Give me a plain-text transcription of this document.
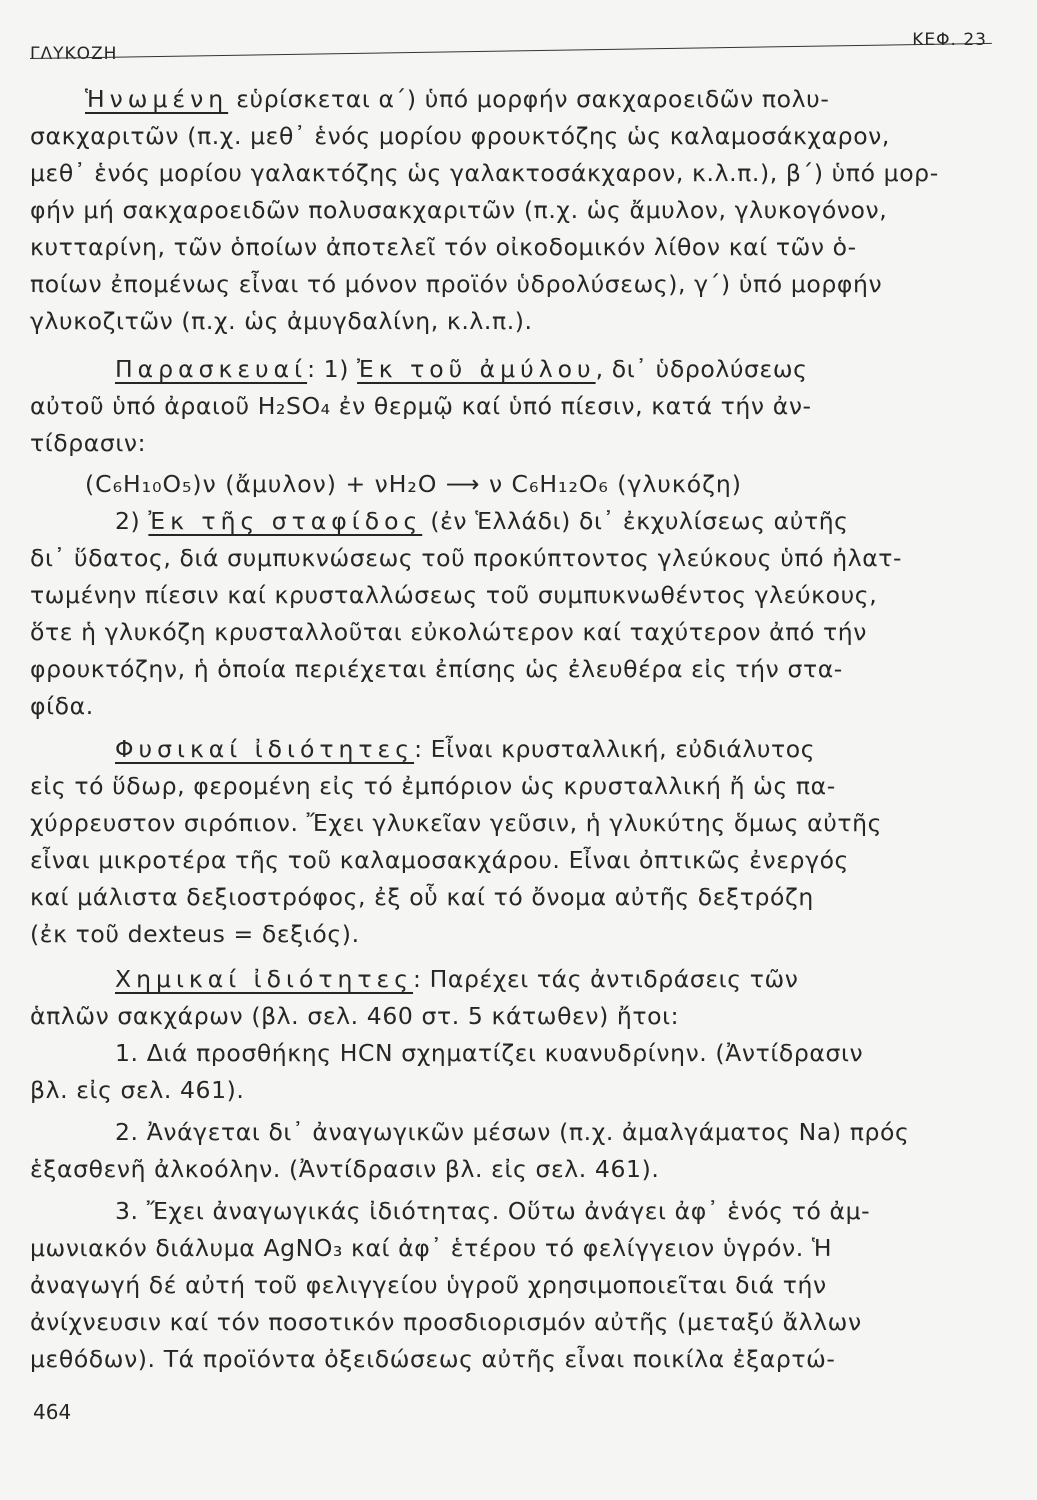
ΓΛΥΚΟΖΗ
ΚΕΦ. 23
Ἡνωμένη εὑρίσκεται α΄) ὑπό μορφήν σακχαροειδῶν πολυ-
σακχαριτῶν (π.χ. μεθ᾽ ἑνός μορίου φρουκτόζης ὡς καλαμοσάκχαρον,
μεθ᾽ ἑνός μορίου γαλακτόζης ὡς γαλακτοσάκχαρον, κ.λ.π.), β΄) ὑπό μορ-
φήν μή σακχαροειδῶν πολυσακχαριτῶν (π.χ. ὡς ἄμυλον, γλυκογόνον,
κυτταρίνη, τῶν ὁποίων ἀποτελεῖ τόν οἰκοδομικόν λίθον καί τῶν ὁ-
ποίων ἐπομένως εἶναι τό μόνον προϊόν ὑδρολύσεως), γ΄) ὑπό μορφήν
γλυκοζιτῶν (π.χ. ὡς ἀμυγδαλίνη, κ.λ.π.).
Παρασκευαί: 1) Ἐκ τοῦ ἀμύλου, δι᾽ ὑδρολύσεως
αὐτοῦ ὑπό ἀραιοῦ H₂SO₄ ἐν θερμῷ καί ὑπό πίεσιν, κατά τήν ἀν-
τίδρασιν:
(C₆H₁₀O₅)ν (ἄμυλον) + νH₂O ⟶ ν C₆H₁₂O₆ (γλυκόζη)
2) Ἐκ τῆς σταφίδος (ἐν Ἑλλάδι) δι᾽ ἐκχυλίσεως αὐτῆς
δι᾽ ὕδατος, διά συμπυκνώσεως τοῦ προκύπτοντος γλεύκους ὑπό ἠλατ-
τωμένην πίεσιν καί κρυσταλλώσεως τοῦ συμπυκνωθέντος γλεύκους,
ὅτε ἡ γλυκόζη κρυσταλλοῦται εὐκολώτερον καί ταχύτερον ἀπό τήν
φρουκτόζην, ἡ ὁποία περιέχεται ἐπίσης ὡς ἐλευθέρα εἰς τήν στα-
φίδα.
Φυσικαί ἰδιότητες: Εἶναι κρυσταλλική, εὐδιάλυτος
εἰς τό ὕδωρ, φερομένη εἰς τό ἐμπόριον ὡς κρυσταλλική ἤ ὡς πα-
χύρρευστον σιρόπιον. Ἔχει γλυκεῖαν γεῦσιν, ἡ γλυκύτης ὅμως αὐτῆς
εἶναι μικροτέρα τῆς τοῦ καλαμοσακχάρου. Εἶναι ὀπτικῶς ἐνεργός
καί μάλιστα δεξιοστρόφος, ἐξ οὗ καί τό ὄνομα αὐτῆς δεξτρόζη
(ἐκ τοῦ dexteus = δεξιός).
Χημικαί ἰδιότητες: Παρέχει τάς ἀντιδράσεις τῶν
ἁπλῶν σακχάρων (βλ. σελ. 460 στ. 5 κάτωθεν) ἤτοι:
1. Διά προσθήκης HCN σχηματίζει κυανυδρίνην. (Ἀντίδρασιν
βλ. εἰς σελ. 461).
2. Ἀνάγεται δι᾽ ἀναγωγικῶν μέσων (π.χ. ἀμαλγάματος Na) πρός
ἑξασθενῆ ἀλκοόλην. (Ἀντίδρασιν βλ. εἰς σελ. 461).
3. Ἔχει ἀναγωγικάς ἰδιότητας. Οὕτω ἀνάγει ἀφ᾽ ἑνός τό ἀμ-
μωνιακόν διάλυμα AgNO₃ καί ἀφ᾽ ἑτέρου τό φελίγγειον ὑγρόν. Ἡ
ἀναγωγή δέ αὐτή τοῦ φελιγγείου ὑγροῦ χρησιμοποιεῖται διά τήν
ἀνίχνευσιν καί τόν ποσοτικόν προσδιορισμόν αὐτῆς (μεταξύ ἄλλων
μεθόδων). Τά προϊόντα ὀξειδώσεως αὐτῆς εἶναι ποικίλα ἐξαρτώ-
464
